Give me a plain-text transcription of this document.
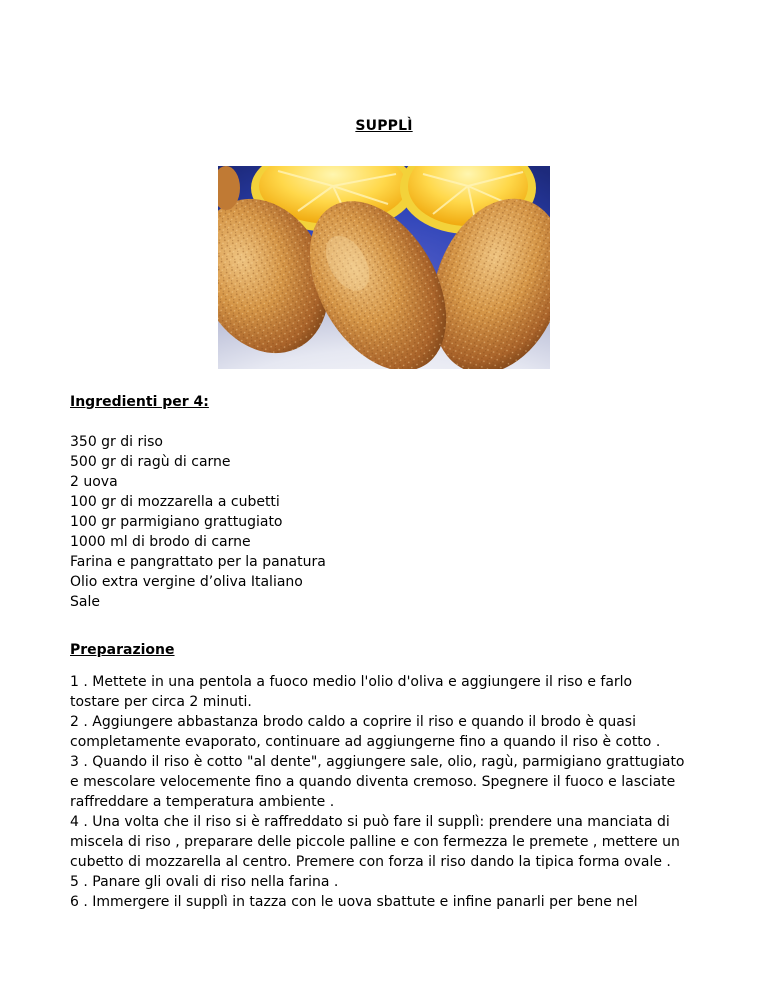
SUPPLÌ
Ingredienti per 4:
350 gr di riso
500 gr di ragù di carne
2 uova
100 gr di mozzarella a cubetti
100 gr parmigiano grattugiato
1000 ml di brodo di carne
Farina e pangrattato per la panatura
Olio extra vergine d’oliva Italiano
Sale
Preparazione
1 . Mettete in una pentola a fuoco medio l'olio d'oliva e aggiungere il riso e farlo
tostare per circa 2 minuti.
2 . Aggiungere abbastanza brodo caldo a coprire il riso e quando il brodo è quasi
completamente evaporato, continuare ad aggiungerne fino a quando il riso è cotto .
3 . Quando il riso è cotto "al dente", aggiungere sale, olio, ragù, parmigiano grattugiato
e mescolare velocemente fino a quando diventa cremoso. Spegnere il fuoco e lasciate
raffreddare a temperatura ambiente .
4 . Una volta che il riso si è raffreddato si può fare il supplì: prendere una manciata di
miscela di riso , preparare delle piccole palline e con fermezza le premete , mettere un
cubetto di mozzarella al centro. Premere con forza il riso dando la tipica forma ovale .
5 . Panare gli ovali di riso nella farina .
6 . Immergere il supplì in tazza con le uova sbattute e infine panarli per bene nel
